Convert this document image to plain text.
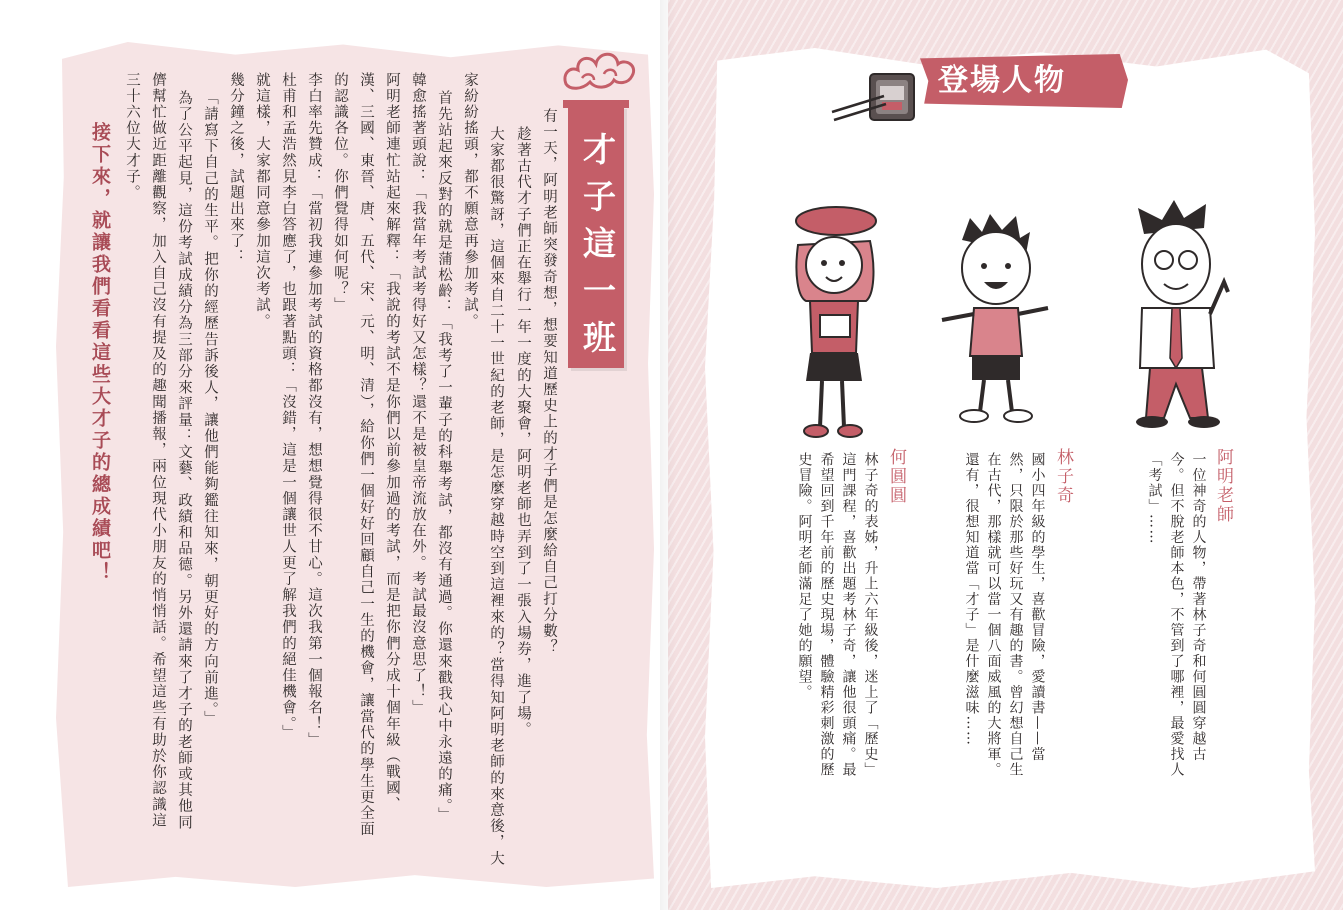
才子這一班
有一天，阿明老師突發奇想，想要知道歷史上的才子們是怎麼給自己打分數？
趁著古代才子們正在舉行一年一度的大聚會，阿明老師也弄到了一張入場券，進了場。
大家都很驚訝，這個來自二十一世紀的老師，是怎麼穿越時空到這裡來的？當得知阿明老師的來意後，大
家紛紛搖頭，都不願意再參加考試。
首先站起來反對的就是蒲松齡：「我考了一輩子的科舉考試，都沒有通過。你還來戳我心中永遠的痛。」
韓愈搖著頭說：「我當年考試考得好又怎樣？還不是被皇帝流放在外。考試最沒意思了！」
阿明老師連忙站起來解釋：「我說的考試不是你們以前參加過的考試，而是把你們分成十個年級（戰國、
漢、三國、東晉、唐、五代、宋、元、明、清），給你們一個好好回顧自己一生的機會，讓當代的學生更全面
的認識各位。你們覺得如何呢？」
李白率先贊成：「當初我連參加考試的資格都沒有，想想覺得很不甘心。這次我第一個報名！」
杜甫和孟浩然見李白答應了，也跟著點頭：「沒錯，這是一個讓世人更了解我們的絕佳機會。」
就這樣，大家都同意參加這次考試。
幾分鐘之後，試題出來了：
「請寫下自己的生平。把你的經歷告訴後人，讓他們能夠鑑往知來，朝更好的方向前進。」
為了公平起見，這份考試成績分為三部分來評量：文藝、政績和品德。另外還請來了才子的老師或其他同
儕幫忙做近距離觀察，加入自己沒有提及的趣聞播報，兩位現代小朋友的悄悄話。希望這些有助於你認識這
三十六位大才子。
接下來，就讓我們看看這些大才子的總成績吧！
登場人物
阿明老師
一位神奇的人物，帶著林子奇和何圓圓穿越古
今。但不脫老師本色，不管到了哪裡，最愛找人
「考試」……
林子奇
國小四年級的學生，喜歡冒險，愛讀書——當
然，只限於那些好玩又有趣的書。曾幻想自己生
在古代，那樣就可以當一個八面威風的大將軍。
還有，很想知道當「才子」是什麼滋味……
何圓圓
林子奇的表姊，升上六年級後，迷上了「歷史」
這門課程，喜歡出題考林子奇，讓他很頭痛。最
希望回到千年前的歷史現場，體驗精彩刺激的歷
史冒險。阿明老師滿足了她的願望。
